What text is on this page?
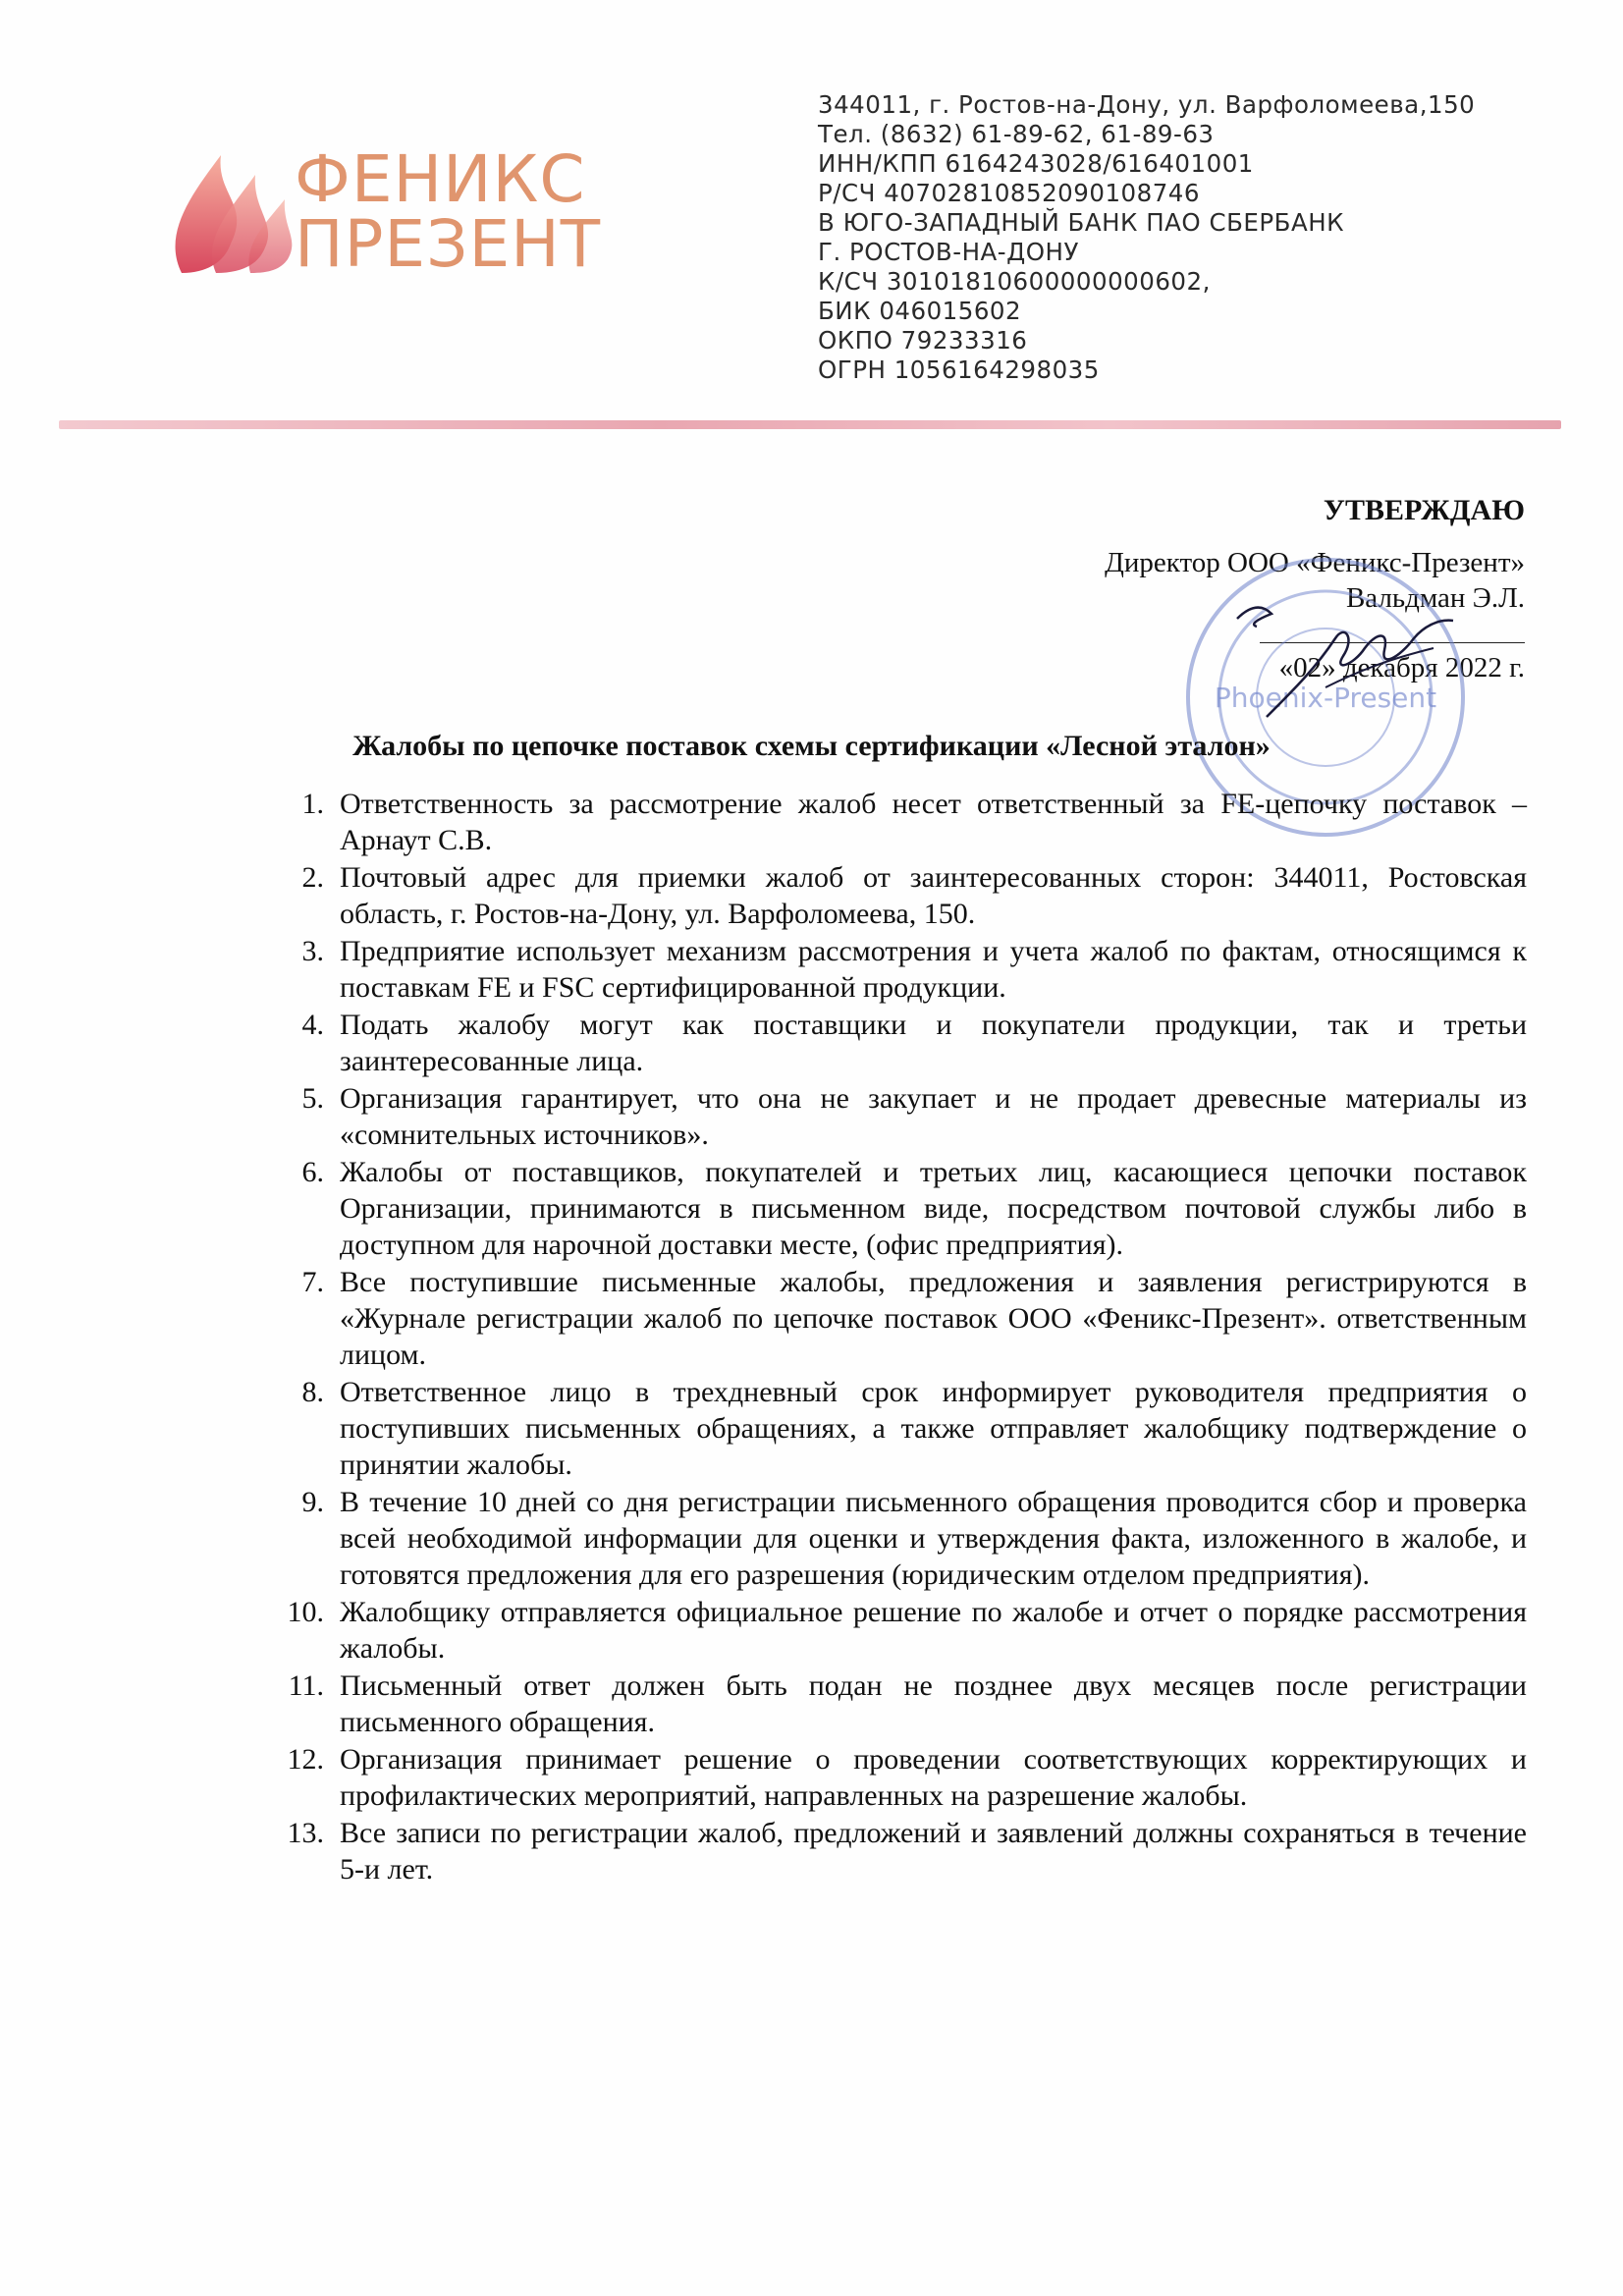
ФЕНИКС
ПРЕЗЕНТ
344011, г. Ростов-на-Дону, ул. Варфоломеева,150
Тел. (8632) 61-89-62, 61-89-63
ИНН/КПП 6164243028/616401001
Р/СЧ 40702810852090108746
В ЮГО-ЗАПАДНЫЙ БАНК ПАО СБЕРБАНК
Г. РОСТОВ-НА-ДОНУ
К/СЧ 30101810600000000602,
БИК 046015602
ОКПО 79233316
ОГРН 1056164298035
УТВЕРЖДАЮ
Директор ООО «Феникс-Презент»
Вальдман Э.Л.
«02» декабря 2022 г.
Phoenix-Present
Жалобы по цепочке поставок схемы сертификации «Лесной эталон»
1. Ответственность за рассмотрение жалоб несет ответственный за FE-цепочку поставок – Арнаут С.В.
2. Почтовый адрес для приемки жалоб от заинтересованных сторон: 344011, Ростовская область, г. Ростов-на-Дону, ул. Варфоломеева, 150.
3. Предприятие использует механизм рассмотрения и учета жалоб по фактам, относящимся к поставкам FE и FSC сертифицированной продукции.
4. Подать жалобу могут как поставщики и покупатели продукции, так и третьи заинтересованные лица.
5. Организация гарантирует, что она не закупает и не продает древесные материалы из «сомнительных источников».
6. Жалобы от поставщиков, покупателей и третьих лиц, касающиеся цепочки поставок Организации, принимаются в письменном виде, посредством почтовой службы либо в доступном для нарочной доставки месте, (офис предприятия).
7. Все поступившие письменные жалобы, предложения и заявления регистрируются в «Журнале регистрации жалоб по цепочке поставок ООО «Феникс-Презент». ответственным лицом.
8. Ответственное лицо в трехдневный срок информирует руководителя предприятия о поступивших письменных обращениях, а также отправляет жалобщику подтверждение о принятии жалобы.
9. В течение 10 дней со дня регистрации письменного обращения проводится сбор и проверка всей необходимой информации для оценки и утверждения факта, изложенного в жалобе, и готовятся предложения для его разрешения (юридическим отделом предприятия).
10. Жалобщику отправляется официальное решение по жалобе и отчет о порядке рассмотрения жалобы.
11. Письменный ответ должен быть подан не позднее двух месяцев после регистрации письменного обращения.
12. Организация принимает решение о проведении соответствующих корректирующих и профилактических мероприятий, направленных на разрешение жалобы.
13. Все записи по регистрации жалоб, предложений и заявлений должны сохраняться в течение 5-и лет.
